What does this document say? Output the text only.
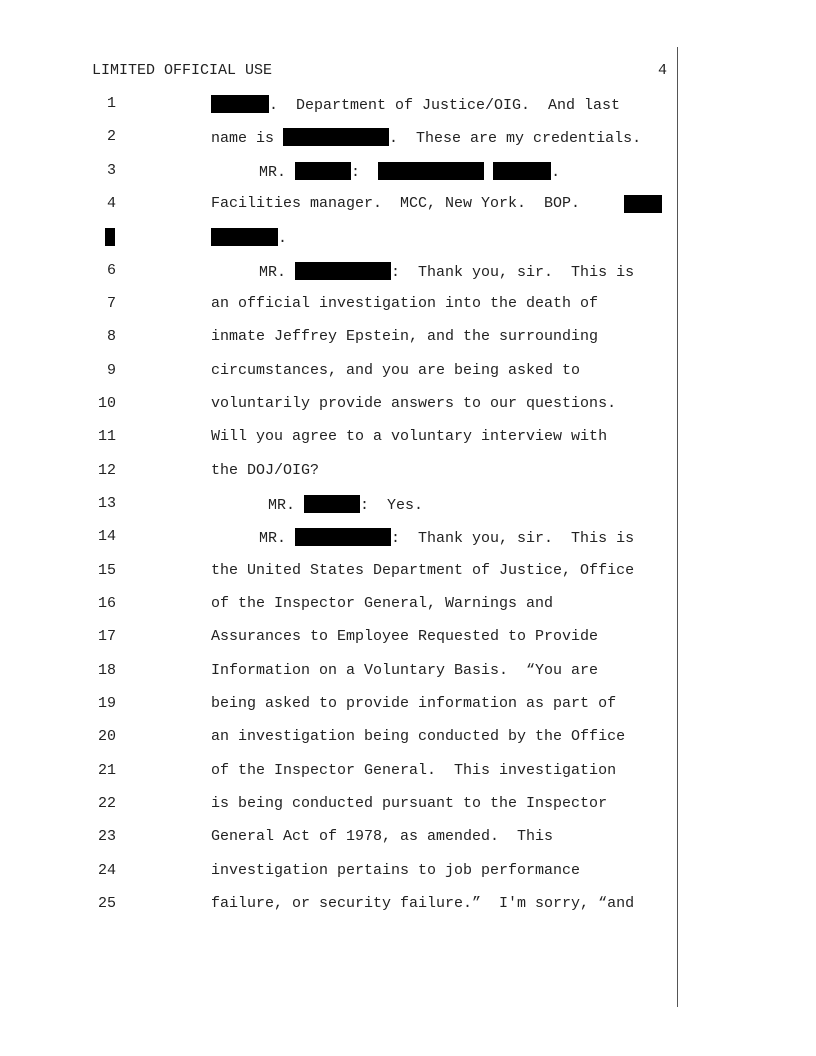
LIMITED OFFICIAL USE	4
1	.  Department of Justice/OIG.  And last
2	name is	.  These are my credentials.
3	MR.	:	.
4	Facilities manager.  MCC, New York.  BOP.
.
6	MR.	:  Thank you, sir.  This is
7	an official investigation into the death of
8	inmate Jeffrey Epstein, and the surrounding
9	circumstances, and you are being asked to
10	voluntarily provide answers to our questions.
11	Will you agree to a voluntary interview with
12	the DOJ/OIG?
13	MR.	:  Yes.
14	MR.	:  Thank you, sir.  This is
15	the United States Department of Justice, Office
16	of the Inspector General, Warnings and
17	Assurances to Employee Requested to Provide
18	Information on a Voluntary Basis.  “You are
19	being asked to provide information as part of
20	an investigation being conducted by the Office
21	of the Inspector General.  This investigation
22	is being conducted pursuant to the Inspector
23	General Act of 1978, as amended.  This
24	investigation pertains to job performance
25	failure, or security failure.”  I'm sorry, “and
